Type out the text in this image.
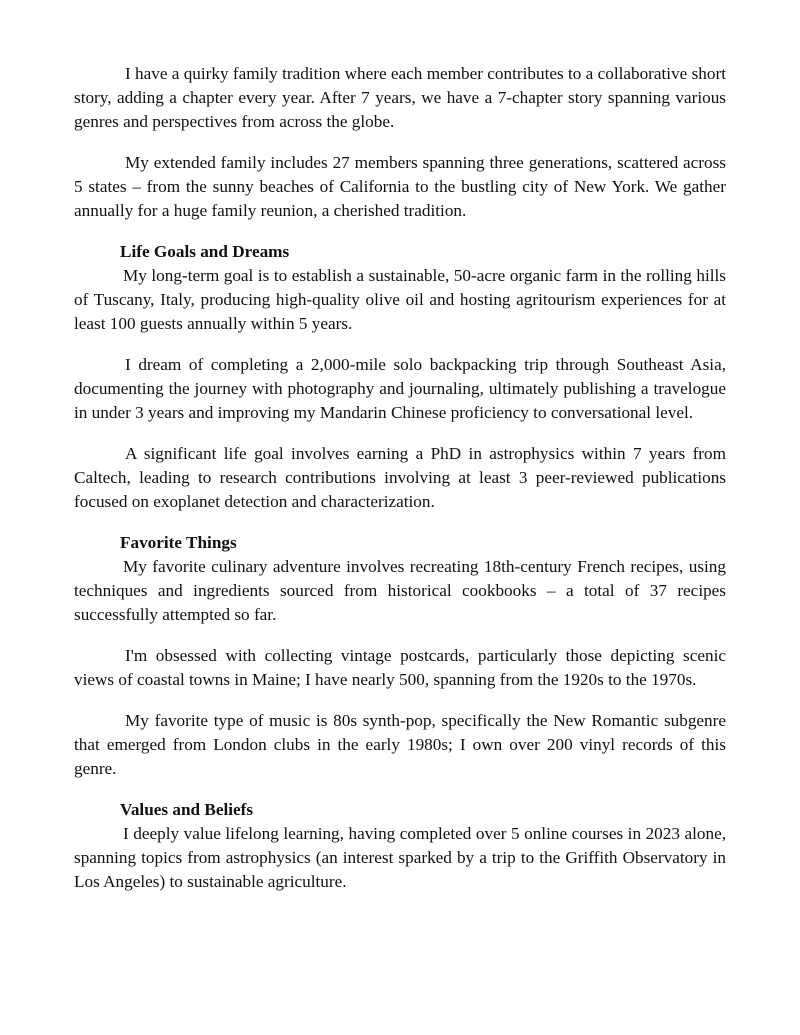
I have a quirky family tradition where each member contributes to a collaborative short story, adding a chapter every year. After 7 years, we have a 7-chapter story spanning various genres and perspectives from across the globe.

My extended family includes 27 members spanning three generations, scattered across 5 states – from the sunny beaches of California to the bustling city of New York. We gather annually for a huge family reunion, a cherished tradition.

Life Goals and Dreams

My long-term goal is to establish a sustainable, 50-acre organic farm in the rolling hills of Tuscany, Italy, producing high-quality olive oil and hosting agritourism experiences for at least 100 guests annually within 5 years.

I dream of completing a 2,000-mile solo backpacking trip through Southeast Asia, documenting the journey with photography and journaling, ultimately publishing a travelogue in under 3 years and improving my Mandarin Chinese proficiency to conversational level.

A significant life goal involves earning a PhD in astrophysics within 7 years from Caltech, leading to research contributions involving at least 3 peer-reviewed publications focused on exoplanet detection and characterization.

Favorite Things

My favorite culinary adventure involves recreating 18th-century French recipes, using techniques and ingredients sourced from historical cookbooks – a total of 37 recipes successfully attempted so far.

I'm obsessed with collecting vintage postcards, particularly those depicting scenic views of coastal towns in Maine; I have nearly 500, spanning from the 1920s to the 1970s.

My favorite type of music is 80s synth-pop, specifically the New Romantic subgenre that emerged from London clubs in the early 1980s; I own over 200 vinyl records of this genre.

Values and Beliefs

I deeply value lifelong learning, having completed over 5 online courses in 2023 alone, spanning topics from astrophysics (an interest sparked by a trip to the Griffith Observatory in Los Angeles) to sustainable agriculture.
